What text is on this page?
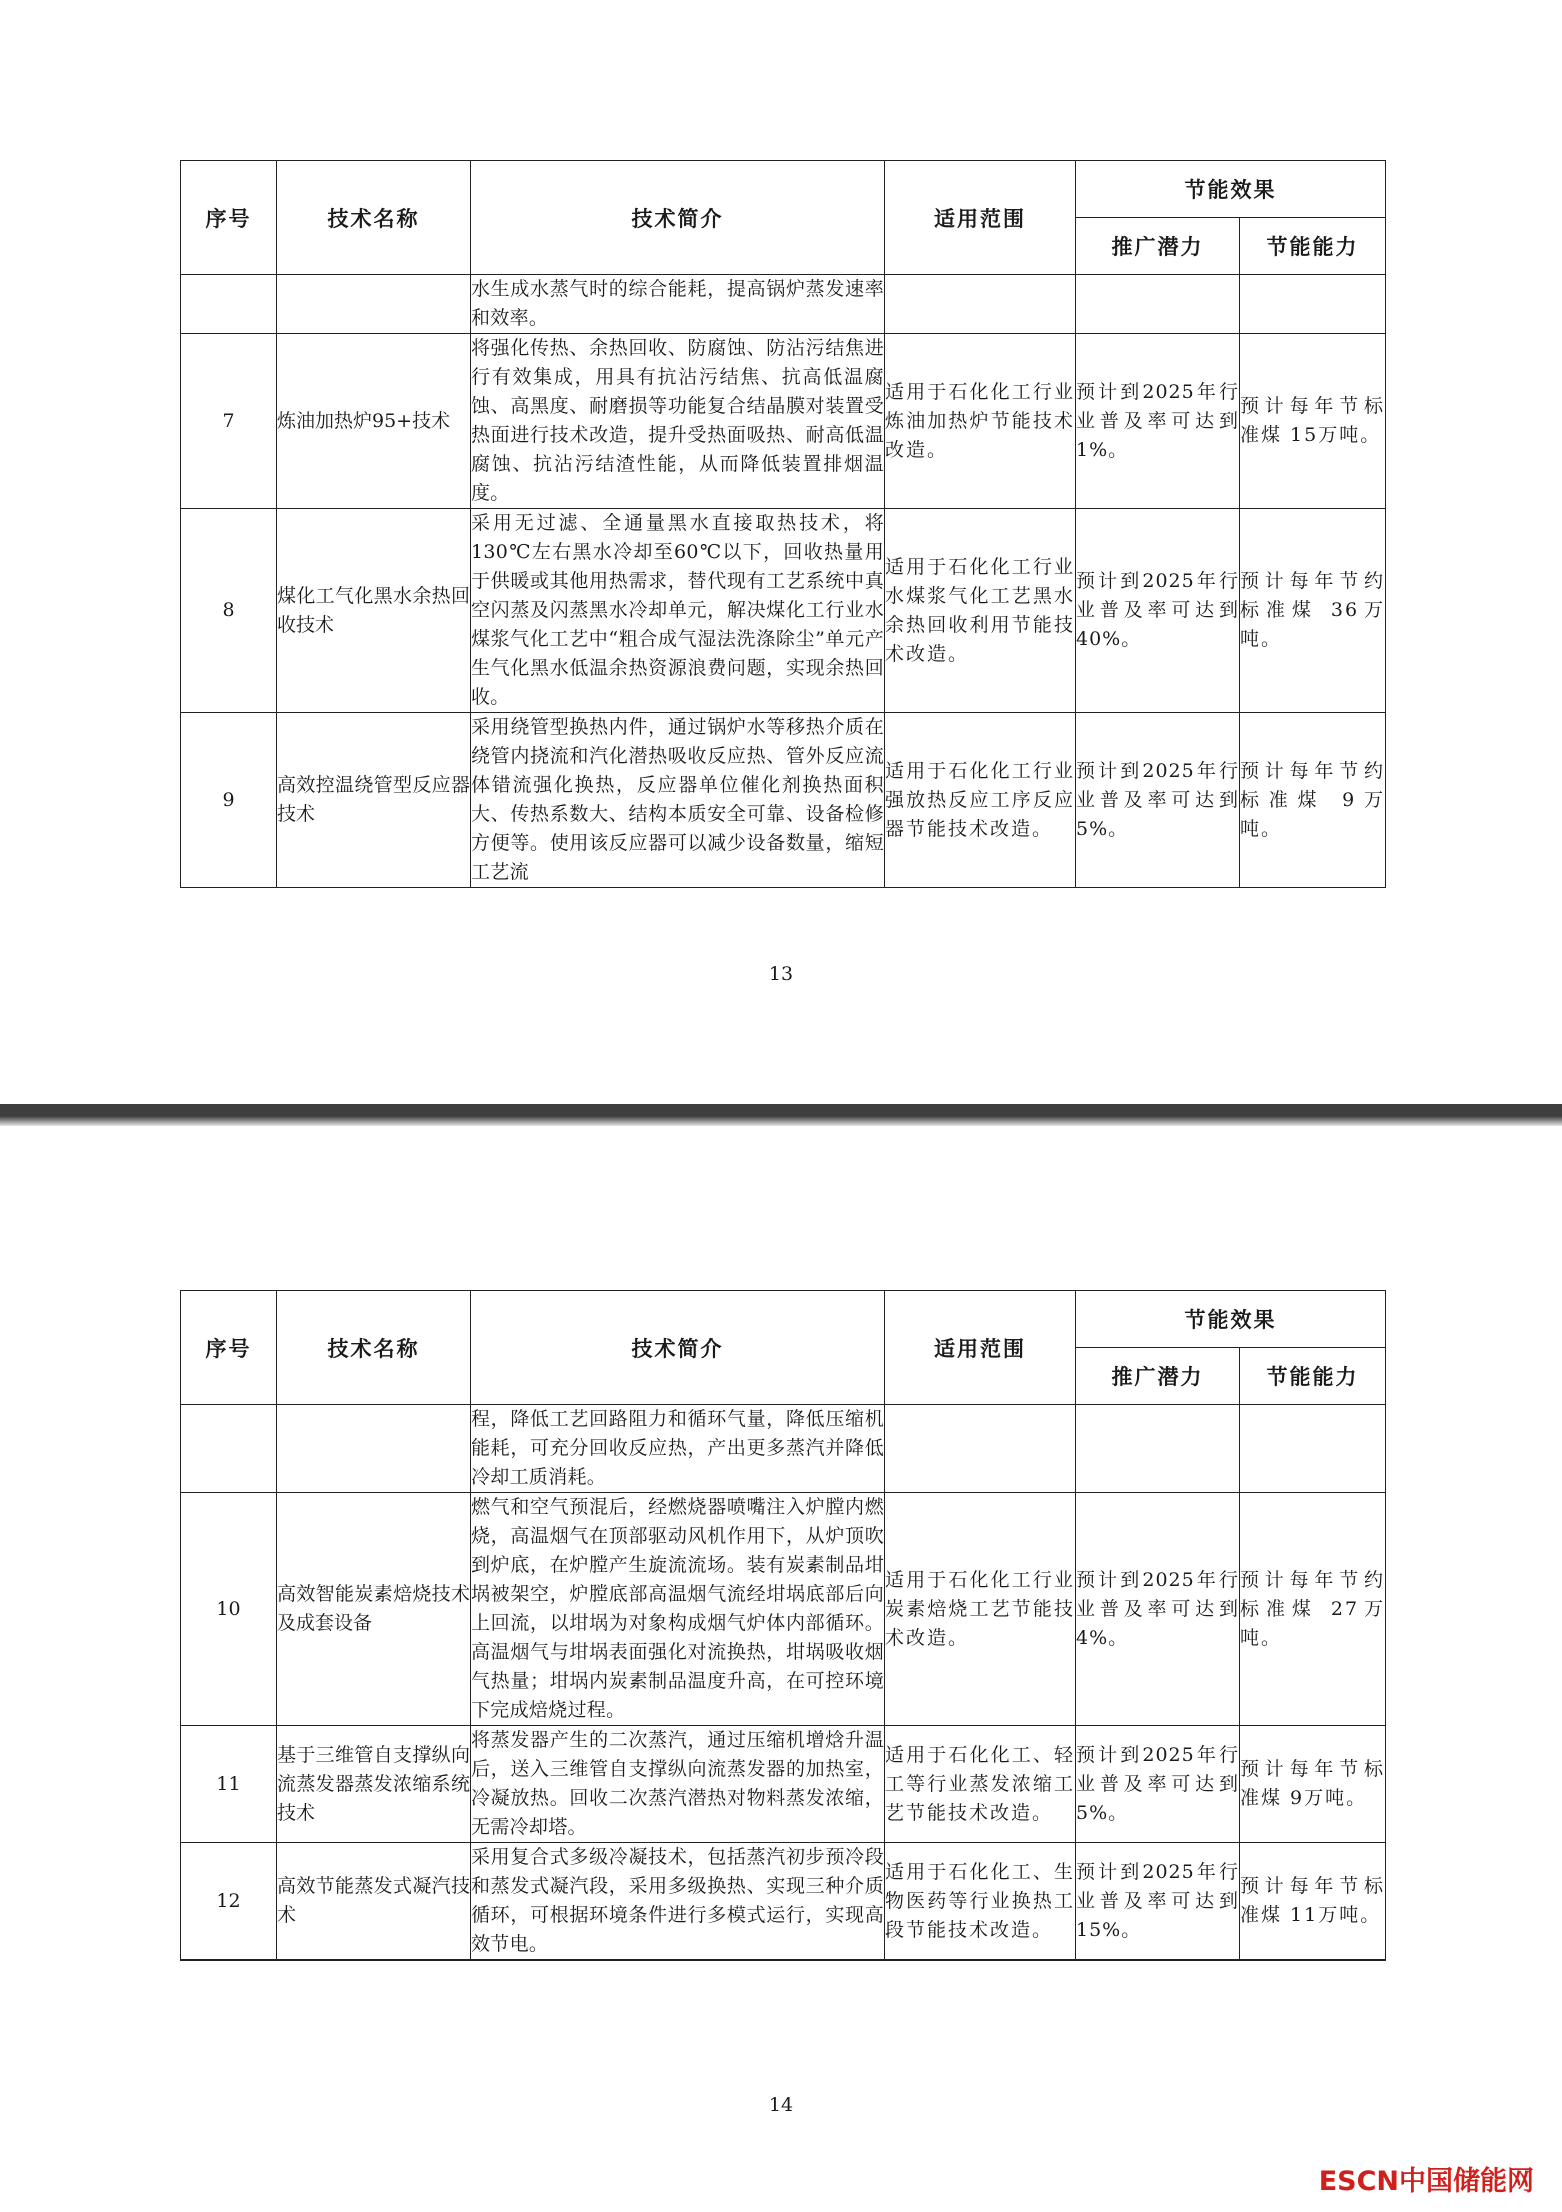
序号	技术名称	技术简介	适用范围	节能效果	
				推广潜力	节能能力
		水生成水蒸气时的综合能耗，提高锅炉蒸发速率和效率。			
7	炼油加热炉95+技术	将强化传热、余热回收、防腐蚀、防沾污结焦进行有效集成，用具有抗沾污结焦、抗高低温腐蚀、高黑度、耐磨损等功能复合结晶膜对装置受热面进行技术改造，提升受热面吸热、耐高低温腐蚀、抗沾污结渣性能，从而降低装置排烟温度。	适用于石化化工行业炼油加热炉节能技术改造。	预计到2025年行业普及率可达到1%。	预计每年节标准煤 15万吨。
8	煤化工气化黑水余热回收技术	采用无过滤、全通量黑水直接取热技术，将130℃左右黑水冷却至60℃以下，回收热量用于供暖或其他用热需求，替代现有工艺系统中真空闪蒸及闪蒸黑水冷却单元，解决煤化工行业水煤浆气化工艺中“粗合成气湿法洗涤除尘”单元产生气化黑水低温余热资源浪费问题，实现余热回收。	适用于石化化工行业水煤浆气化工艺黑水余热回收利用节能技术改造。	预计到2025年行业普及率可达到40%。	预计每年节约标准煤 36万吨。
9	高效控温绕管型反应器技术	采用绕管型换热内件，通过锅炉水等移热介质在绕管内挠流和汽化潜热吸收反应热、管外反应流体错流强化换热，反应器单位催化剂换热面积大、传热系数大、结构本质安全可靠、设备检修方便等。使用该反应器可以减少设备数量，缩短工艺流	适用于石化化工行业强放热反应工序反应器节能技术改造。	预计到2025年行业普及率可达到5%。	预计每年节约标准煤 9万吨。
13
序号	技术名称	技术简介	适用范围	节能效果	
				推广潜力	节能能力
		程，降低工艺回路阻力和循环气量，降低压缩机能耗，可充分回收反应热，产出更多蒸汽并降低冷却工质消耗。			
10	高效智能炭素焙烧技术及成套设备	燃气和空气预混后，经燃烧器喷嘴注入炉膛内燃烧，高温烟气在顶部驱动风机作用下，从炉顶吹到炉底，在炉膛产生旋流流场。装有炭素制品坩埚被架空，炉膛底部高温烟气流经坩埚底部后向上回流，以坩埚为对象构成烟气炉体内部循环。高温烟气与坩埚表面强化对流换热，坩埚吸收烟气热量；坩埚内炭素制品温度升高，在可控环境下完成焙烧过程。	适用于石化化工行业炭素焙烧工艺节能技术改造。	预计到2025年行业普及率可达到4%。	预计每年节约标准煤 27万吨。
11	基于三维管自支撑纵向流蒸发器蒸发浓缩系统技术	将蒸发器产生的二次蒸汽，通过压缩机增焓升温后，送入三维管自支撑纵向流蒸发器的加热室，冷凝放热。回收二次蒸汽潜热对物料蒸发浓缩，无需冷却塔。	适用于石化化工、轻工等行业蒸发浓缩工艺节能技术改造。	预计到2025年行业普及率可达到5%。	预计每年节标准煤 9万吨。
12	高效节能蒸发式凝汽技术	采用复合式多级冷凝技术，包括蒸汽初步预冷段和蒸发式凝汽段，采用多级换热、实现三种介质循环，可根据环境条件进行多模式运行，实现高效节电。	适用于石化化工、生物医药等行业换热工段节能技术改造。	预计到2025年行业普及率可达到15%。	预计每年节标准煤 11万吨。

14
ESCN中国储能网
